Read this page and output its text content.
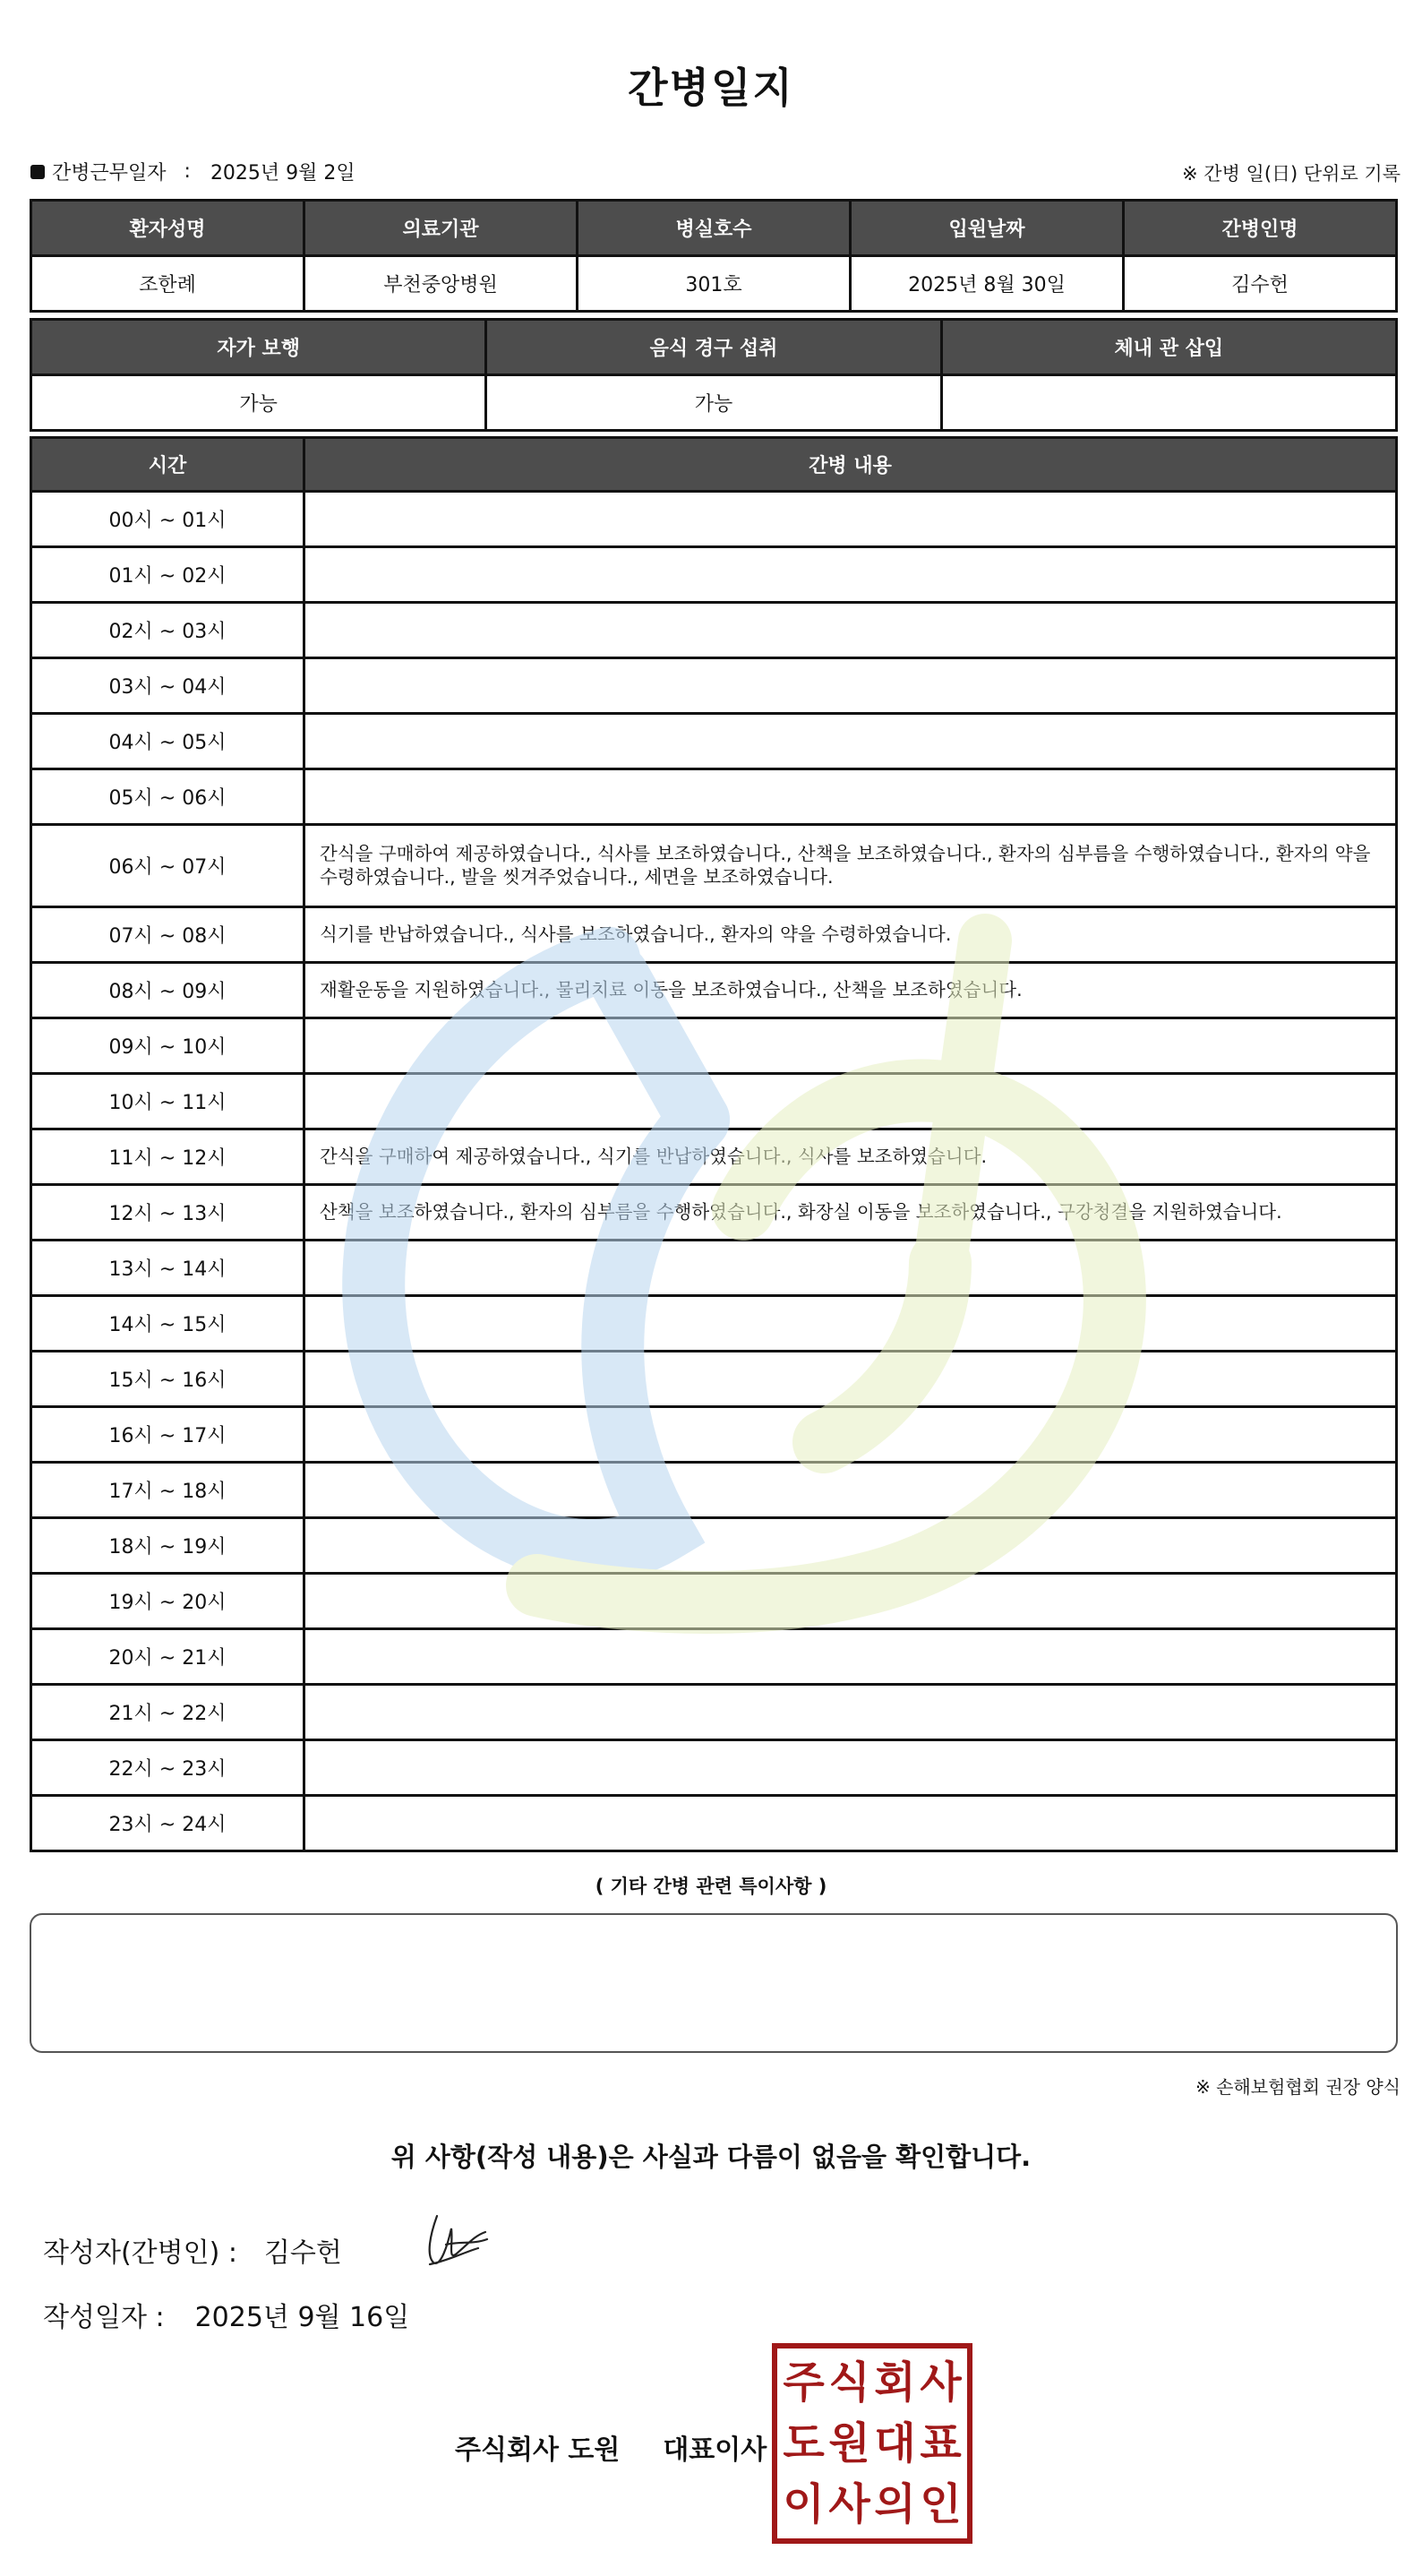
간병일지
간병근무일자 : 2025년 9월 2일	※ 간병 일(日) 단위로 기록
환자성명	의료기관	병실호수	입원날짜	간병인명
조한례	부천중앙병원	301호	2025년 8월 30일	김수헌
자가 보행	음식 경구 섭취	체내 관 삽입
가능	가능	
시간	간병 내용
00시 ~ 01시	
01시 ~ 02시	
02시 ~ 03시	
03시 ~ 04시	
04시 ~ 05시	
05시 ~ 06시	
06시 ~ 07시	간식을 구매하여 제공하였습니다., 식사를 보조하였습니다., 산책을 보조하였습니다., 환자의 심부름을 수행하였습니다., 환자의 약을 수령하였습니다., 발을 씻겨주었습니다., 세면을 보조하였습니다.
07시 ~ 08시	식기를 반납하였습니다., 식사를 보조하였습니다., 환자의 약을 수령하였습니다.
08시 ~ 09시	재활운동을 지원하였습니다., 물리치료 이동을 보조하였습니다., 산책을 보조하였습니다.
09시 ~ 10시	
10시 ~ 11시	
11시 ~ 12시	간식을 구매하여 제공하였습니다., 식기를 반납하였습니다., 식사를 보조하였습니다.
12시 ~ 13시	산책을 보조하였습니다., 환자의 심부름을 수행하였습니다., 화장실 이동을 보조하였습니다., 구강청결을 지원하였습니다.
13시 ~ 14시	
14시 ~ 15시	
15시 ~ 16시	
16시 ~ 17시	
17시 ~ 18시	
18시 ~ 19시	
19시 ~ 20시	
20시 ~ 21시	
21시 ~ 22시	
22시 ~ 23시	
23시 ~ 24시	
( 기타 간병 관련 특이사항 )
※ 손해보험협회 권장 양식
위 사항(작성 내용)은 사실과 다름이 없음을 확인합니다.
작성자(간병인) : 김수헌
작성일자 : 2025년 9월 16일
주식회사 도원 대표이사
주 식 회 사
도 원 대 표
이 사 의 인
